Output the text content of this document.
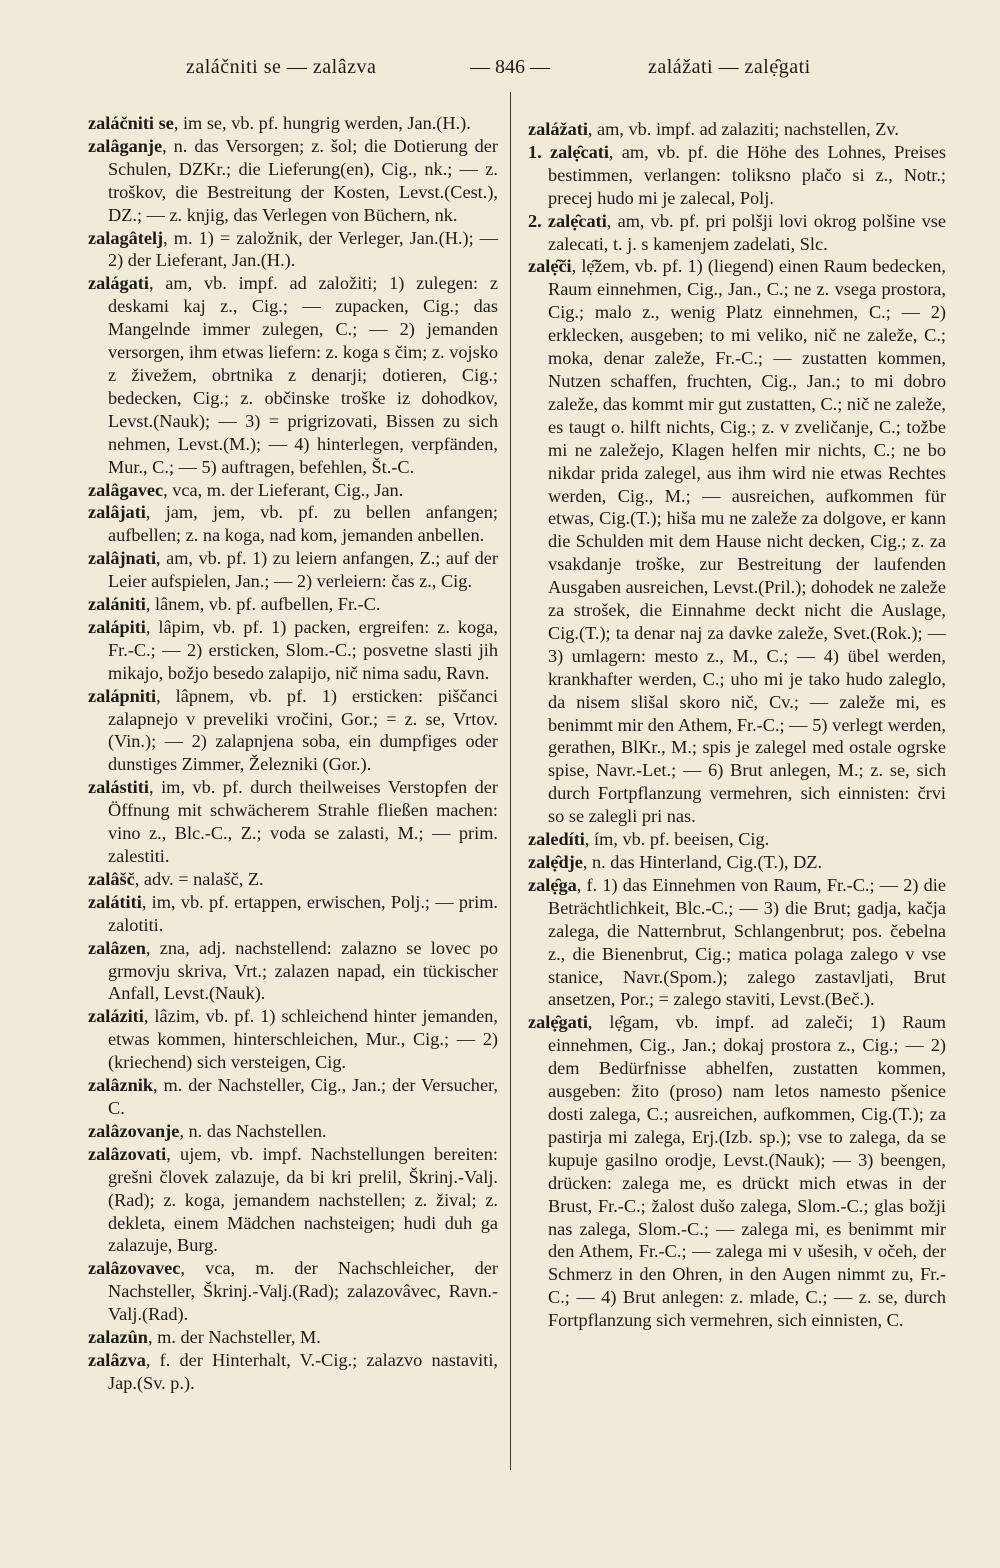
zaláčniti se — zalâzva	— 846 —	zalážati — zalẹ̑gati

zaláčniti se, im se, vb. pf. hungrig werden, Jan.(H.).

zalâganje, n. das Versorgen; z. šol; die Dotierung der Schulen, DZKr.; die Lieferung(en), Cig., nk.; — z. troškov, die Bestreitung der Kosten, Levst.(Cest.), DZ.; — z. knjig, das Verlegen von Büchern, nk.

zalagâtelj, m. 1) = založnik, der Verleger, Jan.(H.); — 2) der Lieferant, Jan.(H.).

zalágati, am, vb. impf. ad založiti; 1) zulegen: z deskami kaj z., Cig.; — zupacken, Cig.; das Mangelnde immer zulegen, C.; — 2) jemanden versorgen, ihm etwas liefern: z. koga s čim; z. vojsko z živežem, obrtnika z denarji; dotieren, Cig.; bedecken, Cig.; z. občinske troške iz dohodkov, Levst.(Nauk); — 3) = prigrizovati, Bissen zu sich nehmen, Levst.(M.); — 4) hinterlegen, verpfänden, Mur., C.; — 5) auftragen, befehlen, Št.-C.

zalâgavec, vca, m. der Lieferant, Cig., Jan.

zalâjati, jam, jem, vb. pf. zu bellen anfangen; aufbellen; z. na koga, nad kom, jemanden anbellen.

zalâjnati, am, vb. pf. 1) zu leiern anfangen, Z.; auf der Leier aufspielen, Jan.; — 2) verleiern: čas z., Cig.

zalániti, lânem, vb. pf. aufbellen, Fr.-C.

zalápiti, lâpim, vb. pf. 1) packen, ergreifen: z. koga, Fr.-C.; — 2) ersticken, Slom.-C.; posvetne slasti jih mikajo, božjo besedo zalapijo, nič nima sadu, Ravn.

zalápniti, lâpnem, vb. pf. 1) ersticken: piščanci zalapnejo v preveliki vročini, Gor.; = z. se, Vrtov.(Vin.); — 2) zalapnjena soba, ein dumpfiges oder dunstiges Zimmer, Železniki (Gor.).

zalástiti, im, vb. pf. durch theilweises Verstopfen der Öffnung mit schwächerem Strahle fließen machen: vino z., Blc.-C., Z.; voda se zalasti, M.; — prim. zalestiti.

zalâšč, adv. = nalašč, Z.

zalátiti, im, vb. pf. ertappen, erwischen, Polj.; — prim. zalotiti.

zalâzen, zna, adj. nachstellend: zalazno se lovec po grmovju skriva, Vrt.; zalazen napad, ein tückischer Anfall, Levst.(Nauk).

zaláziti, lâzim, vb. pf. 1) schleichend hinter jemanden, etwas kommen, hinterschleichen, Mur., Cig.; — 2) (kriechend) sich versteigen, Cig.

zalâznik, m. der Nachsteller, Cig., Jan.; der Versucher, C.

zalâzovanje, n. das Nachstellen.

zalâzovati, ujem, vb. impf. Nachstellungen bereiten: grešni človek zalazuje, da bi kri prelil, Škrinj.-Valj.(Rad); z. koga, jemandem nachstellen; z. žival; z. dekleta, einem Mädchen nachsteigen; hudi duh ga zalazuje, Burg.

zalâzovavec, vca, m. der Nachschleicher, der Nachsteller, Škrinj.-Valj.(Rad); zalazovâvec, Ravn.-Valj.(Rad).

zalazûn, m. der Nachsteller, M.

zalâzva, f. der Hinterhalt, V.-Cig.; zalazvo nastaviti, Jap.(Sv. p.).

zalážati, am, vb. impf. ad zalaziti; nachstellen, Zv.

1. zalẹ̑cati, am, vb. pf. die Höhe des Lohnes, Preises bestimmen, verlangen: toliksno plačo si z., Notr.; precej hudo mi je zalecal, Polj.

2. zalẹ̑cati, am, vb. pf. pri polšji lovi okrog polšine vse zalecati, t. j. s kamenjem zadelati, Slc.

zalẹ̑či, lẹ̑žem, vb. pf. 1) (liegend) einen Raum bedecken, Raum einnehmen, Cig., Jan., C.; ne z. vsega prostora, Cig.; malo z., wenig Platz einnehmen, C.; — 2) erklecken, ausgeben; to mi veliko, nič ne zaleže, C.; moka, denar zaleže, Fr.-C.; — zustatten kommen, Nutzen schaffen, fruchten, Cig., Jan.; to mi dobro zaleže, das kommt mir gut zustatten, C.; nič ne zaleže, es taugt o. hilft nichts, Cig.; z. v zveličanje, C.; tožbe mi ne zaležejo, Klagen helfen mir nichts, C.; ne bo nikdar prida zalegel, aus ihm wird nie etwas Rechtes werden, Cig., M.; — ausreichen, aufkommen für etwas, Cig.(T.); hiša mu ne zaleže za dolgove, er kann die Schulden mit dem Hause nicht decken, Cig.; z. za vsakdanje troške, zur Bestreitung der laufenden Ausgaben ausreichen, Levst.(Pril.); dohodek ne zaleže za strošek, die Einnahme deckt nicht die Auslage, Cig.(T.); ta denar naj za davke zaleže, Svet.(Rok.); — 3) umlagern: mesto z., M., C.; — 4) übel werden, krankhafter werden, C.; uho mi je tako hudo zaleglo, da nisem slišal skoro nič, Cv.; — zaleže mi, es benimmt mir den Athem, Fr.-C.; — 5) verlegt werden, gerathen, BlKr., M.; spis je zalegel med ostale ogrske spise, Navr.-Let.; — 6) Brut anlegen, M.; z. se, sich durch Fortpflanzung vermehren, sich einnisten: črvi so se zalegli pri nas.

zaledíti, ím, vb. pf. beeisen, Cig.

zalẹ̑dje, n. das Hinterland, Cig.(T.), DZ.

zalẹ̑ga, f. 1) das Einnehmen von Raum, Fr.-C.; — 2) die Beträchtlichkeit, Blc.-C.; — 3) die Brut; gadja, kačja zalega, die Natternbrut, Schlangenbrut; pos. čebelna z., die Bienenbrut, Cig.; matica polaga zalego v vse stanice, Navr.(Spom.); zalego zastavljati, Brut ansetzen, Por.; = zalego staviti, Levst.(Beč.).

zalẹ̑gati, lẹ̑gam, vb. impf. ad zaleči; 1) Raum einnehmen, Cig., Jan.; dokaj prostora z., Cig.; — 2) dem Bedürfnisse abhelfen, zustatten kommen, ausgeben: žito (proso) nam letos namesto pšenice dosti zalega, C.; ausreichen, aufkommen, Cig.(T.); za pastirja mi zalega, Erj.(Izb. sp.); vse to zalega, da se kupuje gasilno orodje, Levst.(Nauk); — 3) beengen, drücken: zalega me, es drückt mich etwas in der Brust, Fr.-C.; žalost dušo zalega, Slom.-C.; glas božji nas zalega, Slom.-C.; — zalega mi, es benimmt mir den Athem, Fr.-C.; — zalega mi v ušesih, v očeh, der Schmerz in den Ohren, in den Augen nimmt zu, Fr.-C.; — 4) Brut anlegen: z. mlade, C.; — z. se, durch Fortpflanzung sich vermehren, sich einnisten, C.
